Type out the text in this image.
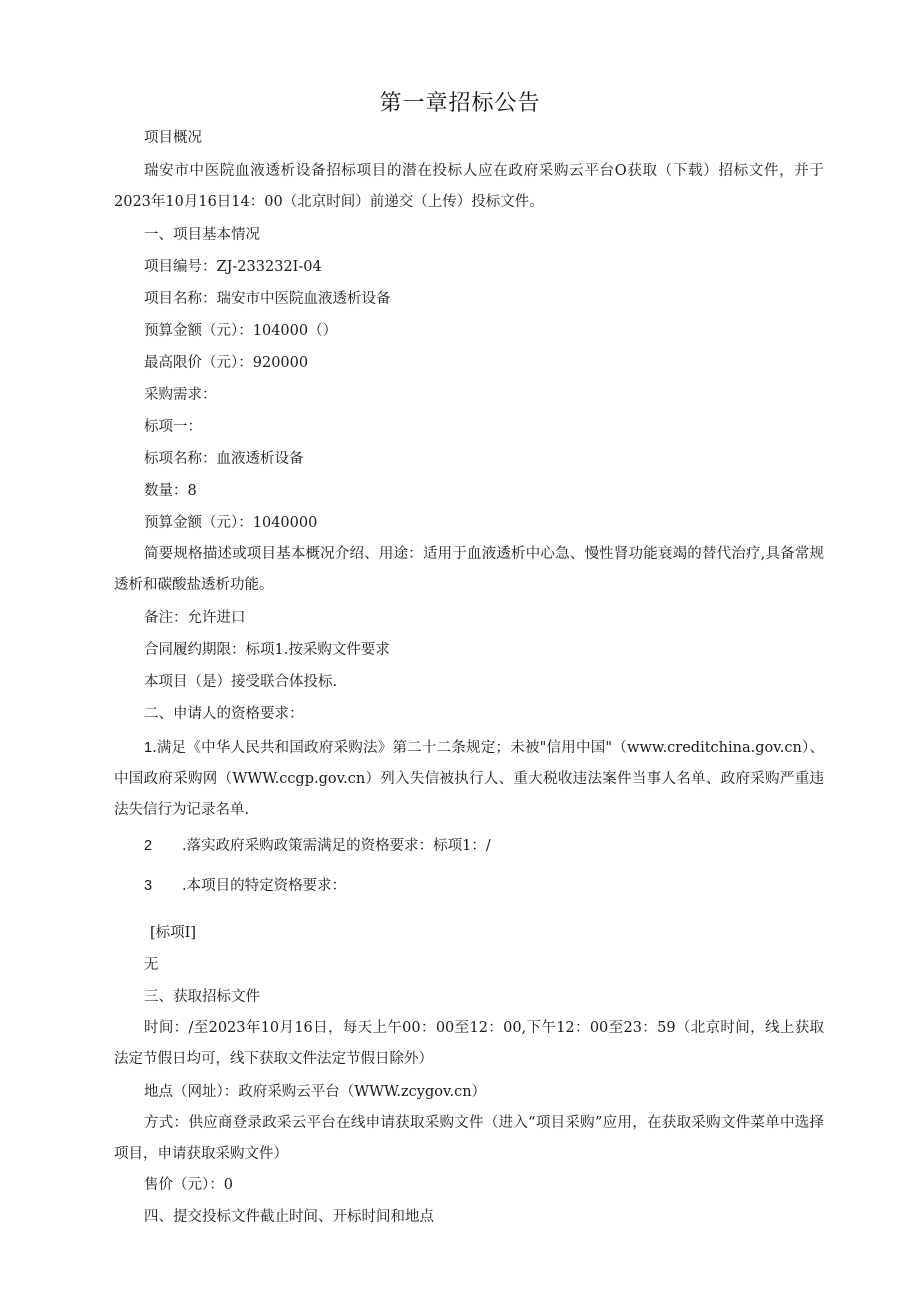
第一章招标公告
项目概况
瑞安市中医院血液透析设备招标项目的潜在投标人应在政府采购云平台O获取（下载）招标文件，并于2023年10月16日14：00（北京时间）前递交（上传）投标文件。
一、项目基本情况
项目编号：ZJ-233232I-04
项目名称：瑞安市中医院血液透析设备
预算金额（元）：104000（）
最高限价（元）：920000
采购需求：
标项一：
标项名称：血液透析设备
数量：8
预算金额（元）：1040000
简要规格描述或项目基本概况介绍、用途：适用于血液透析中心急、慢性肾功能衰竭的替代治疗,具备常规透析和碳酸盐透析功能。
备注：允许进口
合同履约期限：标项1.按采购文件要求
本项目（是）接受联合体投标.
二、申请人的资格要求：
1.满足《中华人民共和国政府采购法》第二十二条规定；未被"信用中国"（www.creditchina.gov.cn）、中国政府采购网（WWW.ccgp.gov.cn）列入失信被执行人、重大税收违法案件当事人名单、政府采购严重违法失信行为记录名单.
2 .落实政府采购政策需满足的资格要求：标项1：/
3 .本项目的特定资格要求：
[标项I]
无
三、获取招标文件
时间：/至2023年10月16日，每天上午00：00至12：00,下午12：00至23：59（北京时间，线上获取法定节假日均可，线下获取文件法定节假日除外）
地点（网址）：政府采购云平台（WWW.zcygov.cn）
方式：供应商登录政采云平台在线申请获取采购文件（进入“项目采购”应用，在获取采购文件菜单中选择项目，申请获取采购文件）
售价（元）：0
四、提交投标文件截止时间、开标时间和地点
